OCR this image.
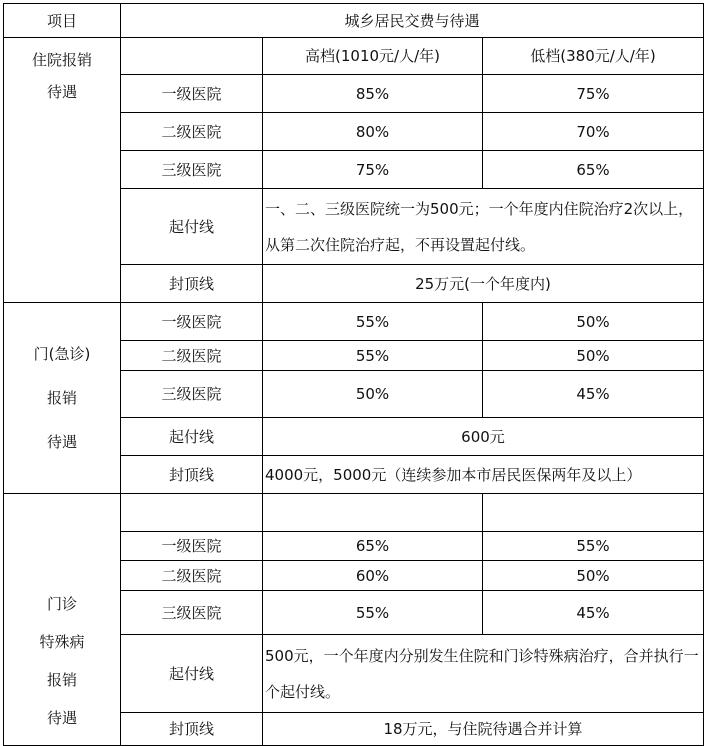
项目	城乡居民交费与待遇		

住院报销
待遇		高档(1010元/人/年)	低档(380元/人/年)
	一级医院	85%	75%
	二级医院	80%	70%
	三级医院	75%	65%
	起付线	一、二、三级医院统一为500元；一个年度内住院治疗2次以上，从第二次住院治疗起，不再设置起付线。	
	封顶线	25万元(一个年度内)	

门(急诊)
报销
待遇	一级医院	55%	50%
	二级医院	55%	50%
	三级医院	50%	45%
	起付线	600元	
	封顶线	4000元，5000元（连续参加本市居民医保两年及以上）	

门诊
特殊病
报销
待遇			

	一级医院	65%	55%
	二级医院	60%	50%
	三级医院	55%	45%
	起付线	500元，一个年度内分别发生住院和门诊特殊病治疗，合并执行一个起付线。	
	封顶线	18万元，与住院待遇合并计算	
